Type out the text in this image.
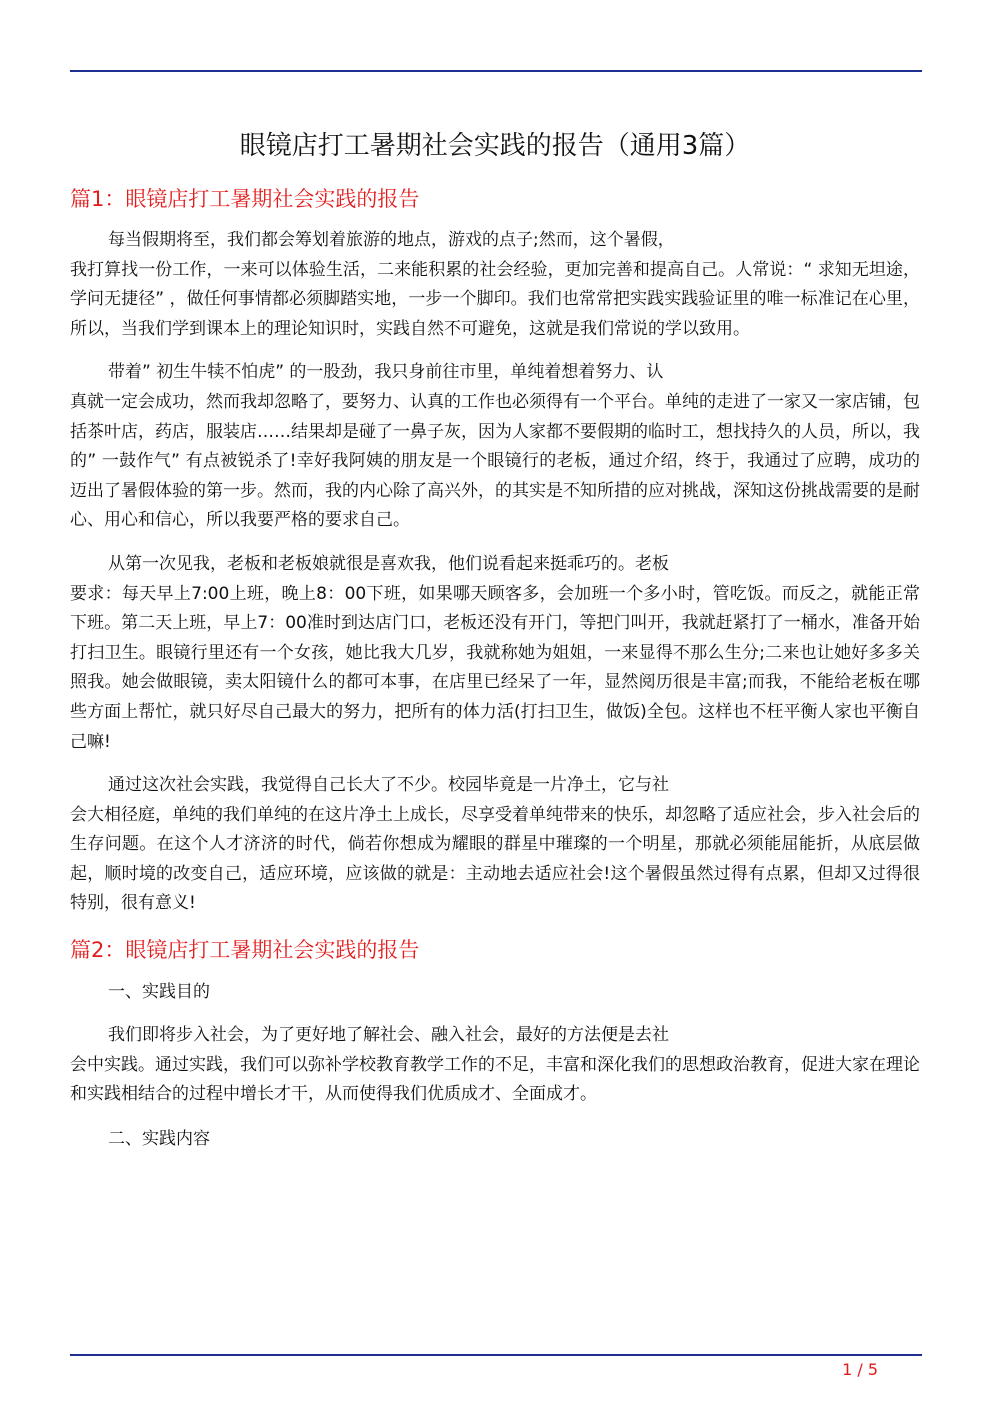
眼镜店打工暑期社会实践的报告（通用3篇）
篇1：眼镜店打工暑期社会实践的报告

每当假期将至，我们都会筹划着旅游的地点，游戏的点子;然而，这个暑假，
我打算找一份工作，一来可以体验生活，二来能积累的社会经验，更加完善和提高自己。人常说：“ 求知无坦途，学问无捷径” ，做任何事情都必须脚踏实地，一步一个脚印。我们也常常把实践实践验证里的唯一标准记在心里，所以，当我们学到课本上的理论知识时，实践自然不可避免，这就是我们常说的学以致用。

带着” 初生牛犊不怕虎” 的一股劲，我只身前往市里，单纯着想着努力、认
真就一定会成功，然而我却忽略了，要努力、认真的工作也必须得有一个平台。单纯的走进了一家又一家店铺，包括茶叶店，药店，服装店……结果却是碰了一鼻子灰，因为人家都不要假期的临时工，想找持久的人员，所以，我的” 一鼓作气” 有点被锐杀了!幸好我阿姨的朋友是一个眼镜行的老板，通过介绍，终于，我通过了应聘，成功的迈出了暑假体验的第一步。然而，我的内心除了高兴外，的其实是不知所措的应对挑战，深知这份挑战需要的是耐心、用心和信心，所以我要严格的要求自己。

从第一次见我，老板和老板娘就很是喜欢我，他们说看起来挺乖巧的。老板
要求：每天早上7:00上班，晚上8：00下班，如果哪天顾客多，会加班一个多小时，管吃饭。而反之，就能正常下班。第二天上班，早上7：00准时到达店门口，老板还没有开门，等把门叫开，我就赶紧打了一桶水，准备开始打扫卫生。眼镜行里还有一个女孩，她比我大几岁，我就称她为姐姐，一来显得不那么生分;二来也让她好多多关照我。她会做眼镜，卖太阳镜什么的都可本事，在店里已经呆了一年，显然阅历很是丰富;而我，不能给老板在哪些方面上帮忙，就只好尽自己最大的努力，把所有的体力活(打扫卫生，做饭)全包。这样也不枉平衡人家也平衡自己嘛!

通过这次社会实践，我觉得自己长大了不少。校园毕竟是一片净土，它与社
会大相径庭，单纯的我们单纯的在这片净土上成长，尽享受着单纯带来的快乐，却忽略了适应社会，步入社会后的生存问题。在这个人才济济的时代，倘若你想成为耀眼的群星中璀璨的一个明星，那就必须能屈能折，从底层做起，顺时境的改变自己，适应环境，应该做的就是：主动地去适应社会!这个暑假虽然过得有点累，但却又过得很特别，很有意义!

篇2：眼镜店打工暑期社会实践的报告

一、实践目的

我们即将步入社会，为了更好地了解社会、融入社会，最好的方法便是去社
会中实践。通过实践，我们可以弥补学校教育教学工作的不足，丰富和深化我们的思想政治教育，促进大家在理论和实践相结合的过程中增长才干，从而使得我们优质成才、全面成才。

二、实践内容

1 / 5
